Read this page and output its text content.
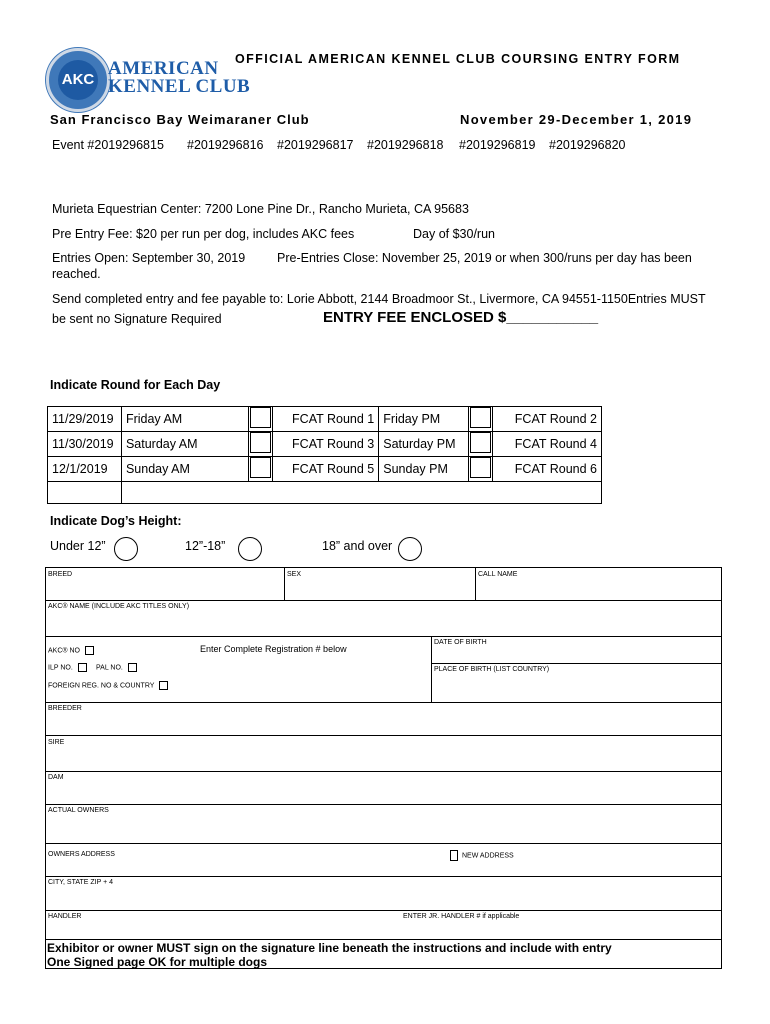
AKC
AMERICAN
KENNEL CLUB
OFFICIAL AMERICAN KENNEL CLUB COURSING ENTRY FORM
San Francisco Bay Weimaraner Club	November 29-December 1, 2019
Event #2019296815 #2019296816 #2019296817 #2019296818 #2019296819 #2019296820
Murieta Equestrian Center: 7200 Lone Pine Dr., Rancho Murieta, CA 95683
Pre Entry Fee: $20 per run per dog, includes AKC fees	Day of $30/run
Entries Open: September 30, 2019	Pre-Entries Close: November 25, 2019 or when 300/runs per day has been
reached.
Send completed entry and fee payable to: Lorie Abbott, 2144 Broadmoor St., Livermore, CA 94551-1150Entries MUST
be sent no Signature Required	ENTRY FEE ENCLOSED $___________
Indicate Round for Each Day
11/29/2019	Friday AM		FCAT Round 1	Friday PM		FCAT Round 2
11/30/2019	Saturday AM		FCAT Round 3	Saturday PM		FCAT Round 4
12/1/2019	Sunday AM		FCAT Round 5	Sunday PM		FCAT Round 6

Indicate Dog’s Height:
Under 12”	12”-18”	18” and over
BREED	SEX	CALL NAME
AKC® NAME (INCLUDE AKC TITLES ONLY)
AKC® NO	Enter Complete Registration # below
ILP NO.	PAL NO.
FOREIGN REG. NO & COUNTRY
DATE OF BIRTH
PLACE OF BIRTH (LIST COUNTRY)
BREEDER
SIRE
DAM
ACTUAL OWNERS
OWNERS ADDRESS	NEW ADDRESS
CITY, STATE ZIP + 4
HANDLER	ENTER JR. HANDLER # if applicable
Exhibitor or owner MUST sign on the signature line beneath the instructions and include with entry
One Signed page OK for multiple dogs
